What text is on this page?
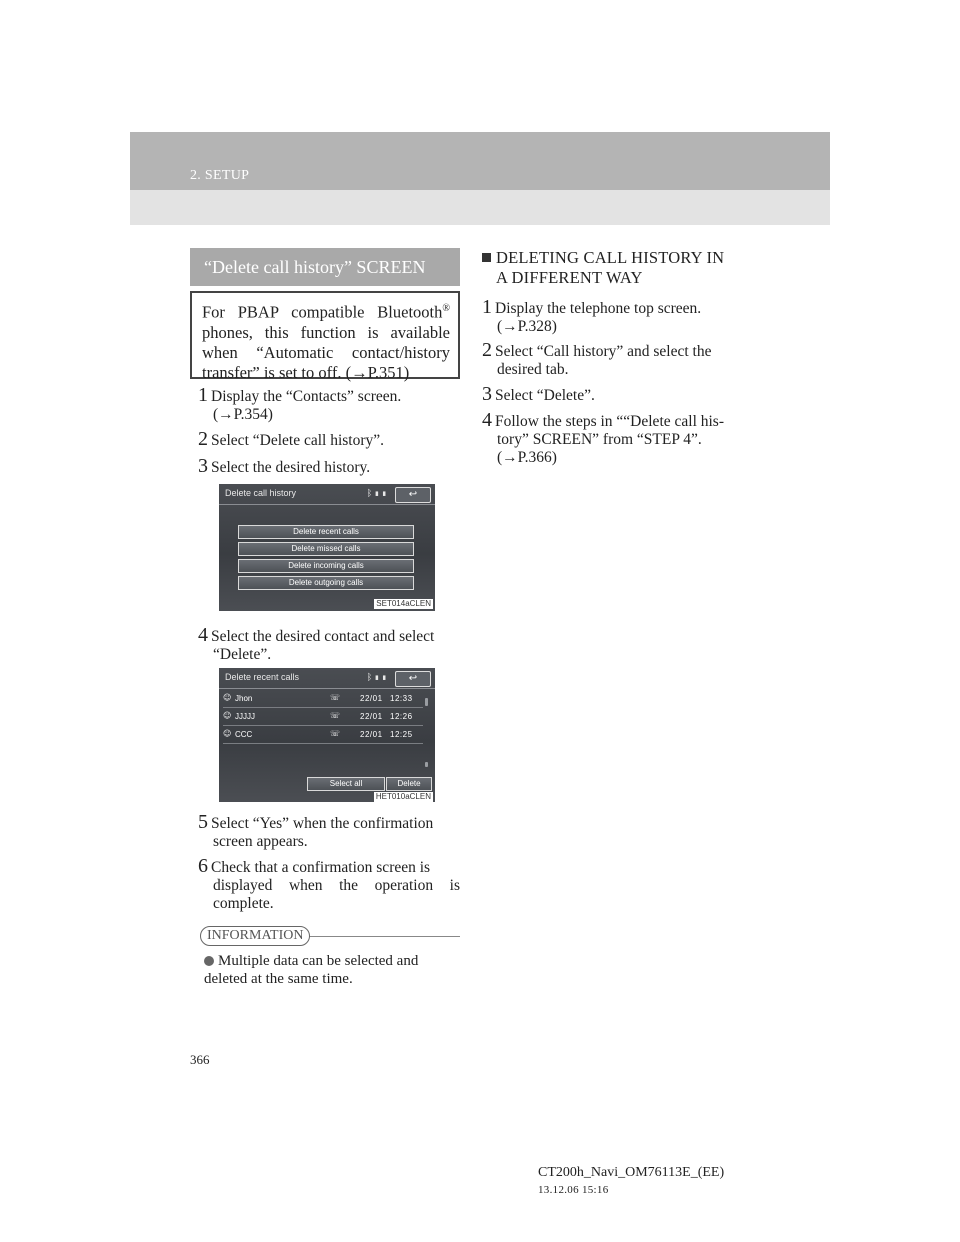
2. SETUP
“Delete call history” SCREEN
For PBAP compatible Bluetooth® phones, this function is available when “Automatic contact/history transfer” is set to off. (→P.351)
1 Display the “Contacts” screen.
(→P.354)
2 Select “Delete call history”.
3 Select the desired history.
Delete call history	ᛒ▮▮	↩
Delete recent calls
Delete missed calls
Delete incoming calls
Delete outgoing calls
SET014aCLEN
4 Select the desired contact and select
“Delete”.
Delete recent calls	ᛒ▮▮	↩
☺ Jhon	☏ 22/01 12:33
☺ JJJJJ	☏ 22/01 12:26
☺ CCC	☏ 22/01 12:25
Select all	Delete
HET010aCLEN
5 Select “Yes” when the confirmation
screen appears.
6 Check that a confirmation screen is
displayed when the operation is complete.
INFORMATION
Multiple data can be selected and deleted at the same time.
DELETING CALL HISTORY IN
A DIFFERENT WAY
1 Display the telephone top screen.
(→P.328)
2 Select “Call history” and select the
desired tab.
3 Select “Delete”.
4 Follow the steps in ““Delete call his-
tory” SCREEN” from “STEP 4”.
(→P.366)
366
CT200h_Navi_OM76113E_(EE)
13.12.06 15:16
